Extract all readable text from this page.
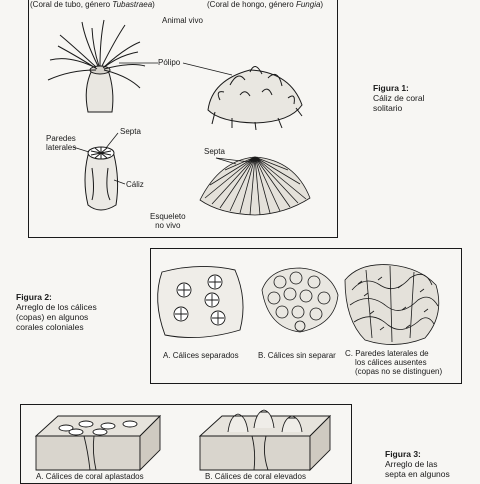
(Coral de tubo, género Tubastraea)	(Coral de hongo, género Fungia)
Animal vivo
Pólipo
Paredes
laterales
Septa
Cáliz
Septa
Esqueleto
no vivo
Figura 1:
Cáliz de coral
solitario
Figura 2:
Arreglo de los cálices
(copas) en algunos
corales coloniales
A. Cálices separados B. Cálices sin separar C. Paredes laterales de
los cálices ausentes
(copas no se distinguen)
A. Cálices de coral aplastados	B. Cálices de coral elevados
Figura 3:
Arreglo de las
septa en algunos
